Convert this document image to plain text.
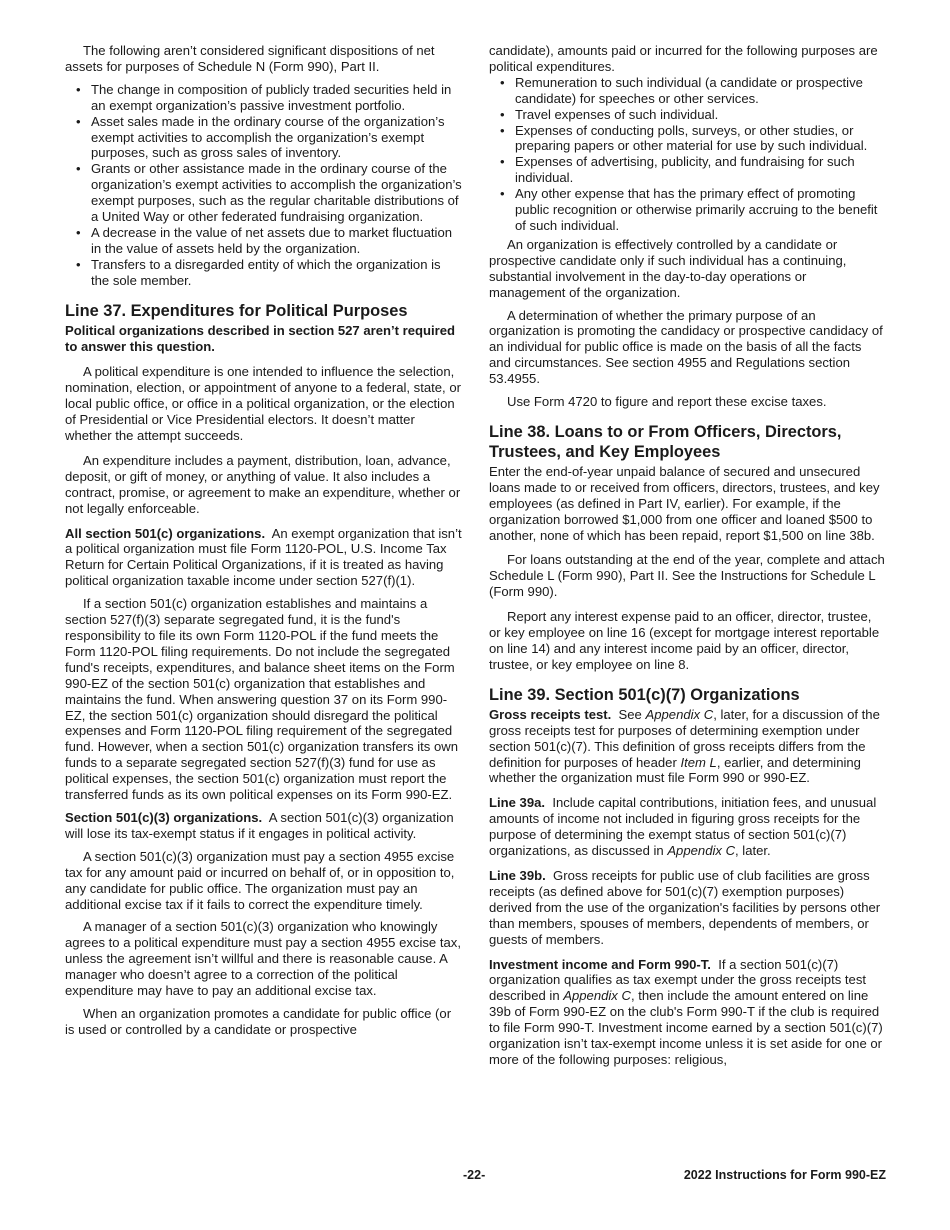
The following aren’t considered significant dispositions of net assets for purposes of Schedule N (Form 990), Part II.

• The change in composition of publicly traded securities held in an exempt organization’s passive investment portfolio.
• Asset sales made in the ordinary course of the organization’s exempt activities to accomplish the organization’s exempt purposes, such as gross sales of inventory.
• Grants or other assistance made in the ordinary course of the organization’s exempt activities to accomplish the organization’s exempt purposes, such as the regular charitable distributions of a United Way or other federated fundraising organization.
• A decrease in the value of net assets due to market fluctuation in the value of assets held by the organization.
• Transfers to a disregarded entity of which the organization is the sole member.
Line 37. Expenditures for Political Purposes

Political organizations described in section 527 aren’t required to answer this question.

A political expenditure is one intended to influence the selection, nomination, election, or appointment of anyone to a federal, state, or local public office, or office in a political organization, or the election of Presidential or Vice Presidential electors. It doesn’t matter whether the attempt succeeds.

An expenditure includes a payment, distribution, loan, advance, deposit, or gift of money, or anything of value. It also includes a contract, promise, or agreement to make an expenditure, whether or not legally enforceable.

All section 501(c) organizations. An exempt organization that isn’t a political organization must file Form 1120-POL, U.S. Income Tax Return for Certain Political Organizations, if it is treated as having political organization taxable income under section 527(f)(1).

If a section 501(c) organization establishes and maintains a section 527(f)(3) separate segregated fund, it is the fund's responsibility to file its own Form 1120-POL if the fund meets the Form 1120-POL filing requirements. Do not include the segregated fund's receipts, expenditures, and balance sheet items on the Form 990-EZ of the section 501(c) organization that establishes and maintains the fund. When answering question 37 on its Form 990-EZ, the section 501(c) organization should disregard the political expenses and Form 1120-POL filing requirement of the segregated fund. However, when a section 501(c) organization transfers its own funds to a separate segregated section 527(f)(3) fund for use as political expenses, the section 501(c) organization must report the transferred funds as its own political expenses on its Form 990-EZ.

Section 501(c)(3) organizations. A section 501(c)(3) organization will lose its tax-exempt status if it engages in political activity.

A section 501(c)(3) organization must pay a section 4955 excise tax for any amount paid or incurred on behalf of, or in opposition to, any candidate for public office. The organization must pay an additional excise tax if it fails to correct the expenditure timely.

A manager of a section 501(c)(3) organization who knowingly agrees to a political expenditure must pay a section 4955 excise tax, unless the agreement isn’t willful and there is reasonable cause. A manager who doesn’t agree to a correction of the political expenditure may have to pay an additional excise tax.

When an organization promotes a candidate for public office (or is used or controlled by a candidate or prospective

candidate), amounts paid or incurred for the following purposes are political expenditures.

• Remuneration to such individual (a candidate or prospective candidate) for speeches or other services.
• Travel expenses of such individual.
• Expenses of conducting polls, surveys, or other studies, or preparing papers or other material for use by such individual.
• Expenses of advertising, publicity, and fundraising for such individual.
• Any other expense that has the primary effect of promoting public recognition or otherwise primarily accruing to the benefit of such individual.

An organization is effectively controlled by a candidate or prospective candidate only if such individual has a continuing, substantial involvement in the day-to-day operations or management of the organization.

A determination of whether the primary purpose of an organization is promoting the candidacy or prospective candidacy of an individual for public office is made on the basis of all the facts and circumstances. See section 4955 and Regulations section 53.4955.

Use Form 4720 to figure and report these excise taxes.

Line 38. Loans to or From Officers, Directors, Trustees, and Key Employees

Enter the end-of-year unpaid balance of secured and unsecured loans made to or received from officers, directors, trustees, and key employees (as defined in Part IV, earlier). For example, if the organization borrowed $1,000 from one officer and loaned $500 to another, none of which has been repaid, report $1,500 on line 38b.

For loans outstanding at the end of the year, complete and attach Schedule L (Form 990), Part II. See the Instructions for Schedule L (Form 990).

Report any interest expense paid to an officer, director, trustee, or key employee on line 16 (except for mortgage interest reportable on line 14) and any interest income paid by an officer, director, trustee, or key employee on line 8.

Line 39. Section 501(c)(7) Organizations

Gross receipts test. See Appendix C, later, for a discussion of the gross receipts test for purposes of determining exemption under section 501(c)(7). This definition of gross receipts differs from the definition for purposes of header Item L, earlier, and determining whether the organization must file Form 990 or 990-EZ.

Line 39a. Include capital contributions, initiation fees, and unusual amounts of income not included in figuring gross receipts for the purpose of determining the exempt status of section 501(c)(7) organizations, as discussed in Appendix C, later.

Line 39b. Gross receipts for public use of club facilities are gross receipts (as defined above for 501(c)(7) exemption purposes) derived from the use of the organization's facilities by persons other than members, spouses of members, dependents of members, or guests of members.

Investment income and Form 990-T. If a section 501(c)(7) organization qualifies as tax exempt under the gross receipts test described in Appendix C, then include the amount entered on line 39b of Form 990-EZ on the club's Form 990-T if the club is required to file Form 990-T. Investment income earned by a section 501(c)(7) organization isn’t tax-exempt income unless it is set aside for one or more of the following purposes: religious,

-22-	2022 Instructions for Form 990-EZ
